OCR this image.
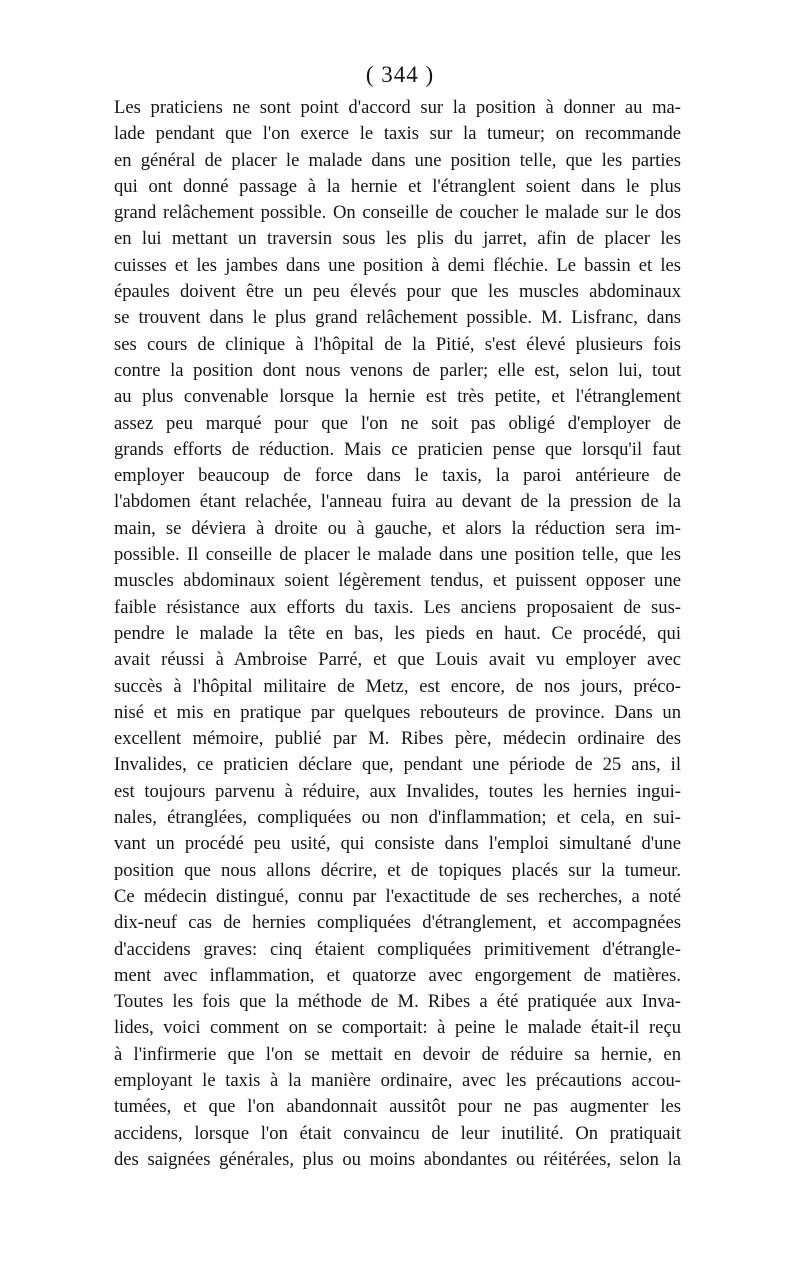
( 344 )
Les praticiens ne sont point d'accord sur la position à donner au ma-
lade pendant que l'on exerce le taxis sur la tumeur; on recommande
en général de placer le malade dans une position telle, que les parties
qui ont donné passage à la hernie et l'étranglent soient dans le plus
grand relâchement possible. On conseille de coucher le malade sur le dos
en lui mettant un traversin sous les plis du jarret, afin de placer les
cuisses et les jambes dans une position à demi fléchie. Le bassin et les
épaules doivent être un peu élevés pour que les muscles abdominaux
se trouvent dans le plus grand relâchement possible. M. Lisfranc, dans
ses cours de clinique à l'hôpital de la Pitié, s'est élevé plusieurs fois
contre la position dont nous venons de parler; elle est, selon lui, tout
au plus convenable lorsque la hernie est très petite, et l'étranglement
assez peu marqué pour que l'on ne soit pas obligé d'employer de
grands efforts de réduction. Mais ce praticien pense que lorsqu'il faut
employer beaucoup de force dans le taxis, la paroi antérieure de
l'abdomen étant relachée, l'anneau fuira au devant de la pression de la
main, se déviera à droite ou à gauche, et alors la réduction sera im-
possible. Il conseille de placer le malade dans une position telle, que les
muscles abdominaux soient légèrement tendus, et puissent opposer une
faible résistance aux efforts du taxis. Les anciens proposaient de sus-
pendre le malade la tête en bas, les pieds en haut. Ce procédé, qui
avait réussi à Ambroise Parré, et que Louis avait vu employer avec
succès à l'hôpital militaire de Metz, est encore, de nos jours, préco-
nisé et mis en pratique par quelques rebouteurs de province. Dans un
excellent mémoire, publié par M. Ribes père, médecin ordinaire des
Invalides, ce praticien déclare que, pendant une période de 25 ans, il
est toujours parvenu à réduire, aux Invalides, toutes les hernies ingui-
nales, étranglées, compliquées ou non d'inflammation; et cela, en sui-
vant un procédé peu usité, qui consiste dans l'emploi simultané d'une
position que nous allons décrire, et de topiques placés sur la tumeur.
Ce médecin distingué, connu par l'exactitude de ses recherches, a noté
dix-neuf cas de hernies compliquées d'étranglement, et accompagnées
d'accidens graves: cinq étaient compliquées primitivement d'étrangle-
ment avec inflammation, et quatorze avec engorgement de matières.
Toutes les fois que la méthode de M. Ribes a été pratiquée aux Inva-
lides, voici comment on se comportait: à peine le malade était-il reçu
à l'infirmerie que l'on se mettait en devoir de réduire sa hernie, en
employant le taxis à la manière ordinaire, avec les précautions accou-
tumées, et que l'on abandonnait aussitôt pour ne pas augmenter les
accidens, lorsque l'on était convaincu de leur inutilité. On pratiquait
des saignées générales, plus ou moins abondantes ou réitérées, selon la
